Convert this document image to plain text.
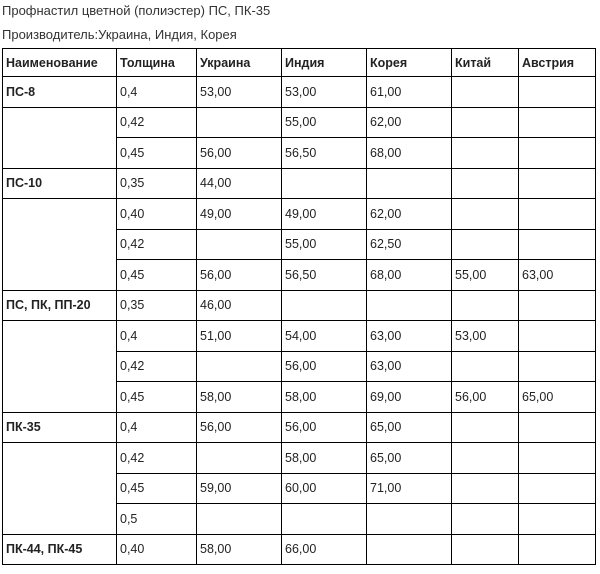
Профнастил цветной (полиэстер) ПС, ПК-35
Производитель:Украина, Индия, Корея
Наименование	Толщина	Украина	Индия	Корея	Китай	Австрия
ПС-8	0,4	53,00	53,00	61,00		
	0,42		55,00	62,00		
	0,45	56,00	56,50	68,00		
ПС-10	0,35	44,00				
	0,40	49,00	49,00	62,00		
	0,42		55,00	62,50		
	0,45	56,00	56,50	68,00	55,00	63,00
ПС, ПК, ПП-20	0,35	46,00				
	0,4	51,00	54,00	63,00	53,00	
	0,42		56,00	63,00		
	0,45	58,00	58,00	69,00	56,00	65,00
ПК-35	0,4	56,00	56,00	65,00		
	0,42		58,00	65,00		
	0,45	59,00	60,00	71,00		
	0,5					
ПК-44, ПК-45	0,40	58,00	66,00			
